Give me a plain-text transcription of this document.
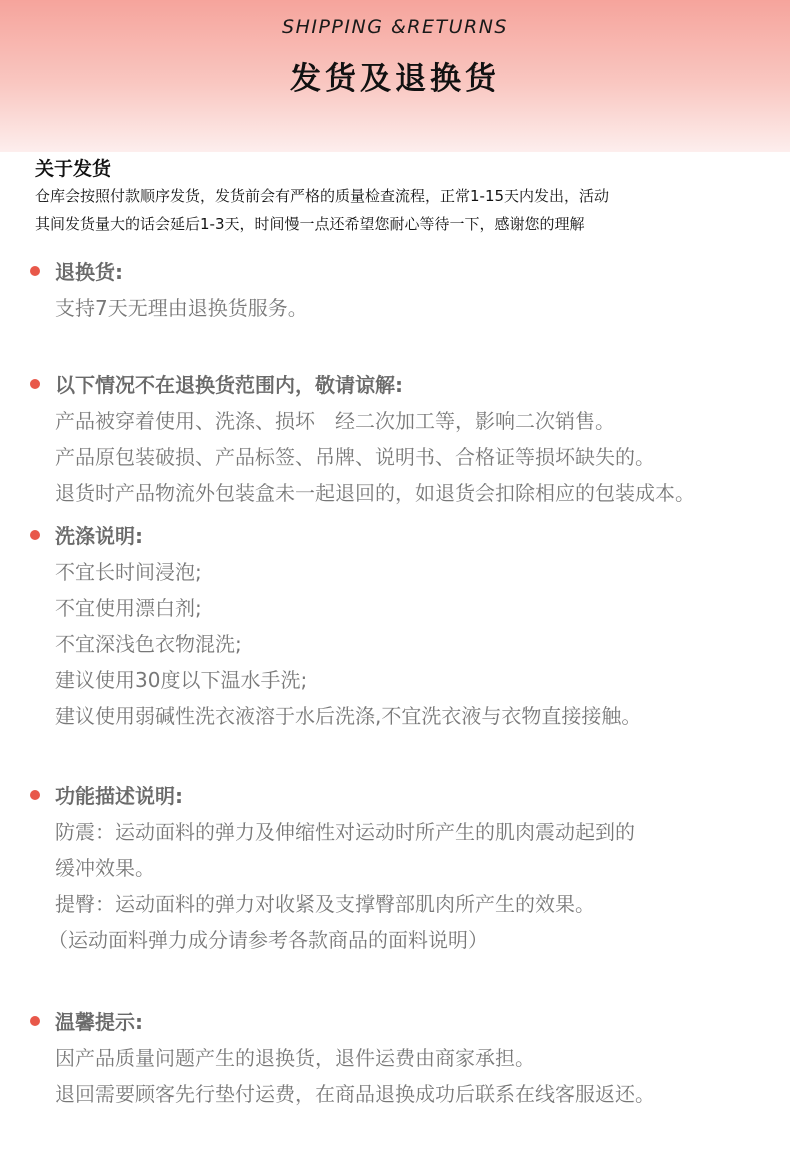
SHIPPING &RETURNS
发货及退换货

关于发货

仓库会按照付款顺序发货，发货前会有严格的质量检查流程，正常1-15天内发出，活动

其间发货量大的话会延后1-3天，时间慢一点还希望您耐心等待一下，感谢您的理解

退换货:

支持7天无理由退换货服务。

以下情况不在退换货范围内，敬请谅解:

产品被穿着使用、洗涤、损坏　经二次加工等，影响二次销售。

产品原包装破损、产品标签、吊牌、说明书、合格证等损坏缺失的。

退货时产品物流外包装盒未一起退回的，如退货会扣除相应的包装成本。

洗涤说明:

不宜长时间浸泡;

不宜使用漂白剂;

不宜深浅色衣物混洗;

建议使用30度以下温水手洗;

建议使用弱碱性洗衣液溶于水后洗涤,不宜洗衣液与衣物直接接触。

功能描述说明:

防震：运动面料的弹力及伸缩性对运动时所产生的肌肉震动起到的

缓冲效果。

提臀：运动面料的弹力对收紧及支撑臀部肌肉所产生的效果。

（运动面料弹力成分请参考各款商品的面料说明）

温馨提示:

因产品质量问题产生的退换货，退件运费由商家承担。

退回需要顾客先行垫付运费，在商品退换成功后联系在线客服返还。
